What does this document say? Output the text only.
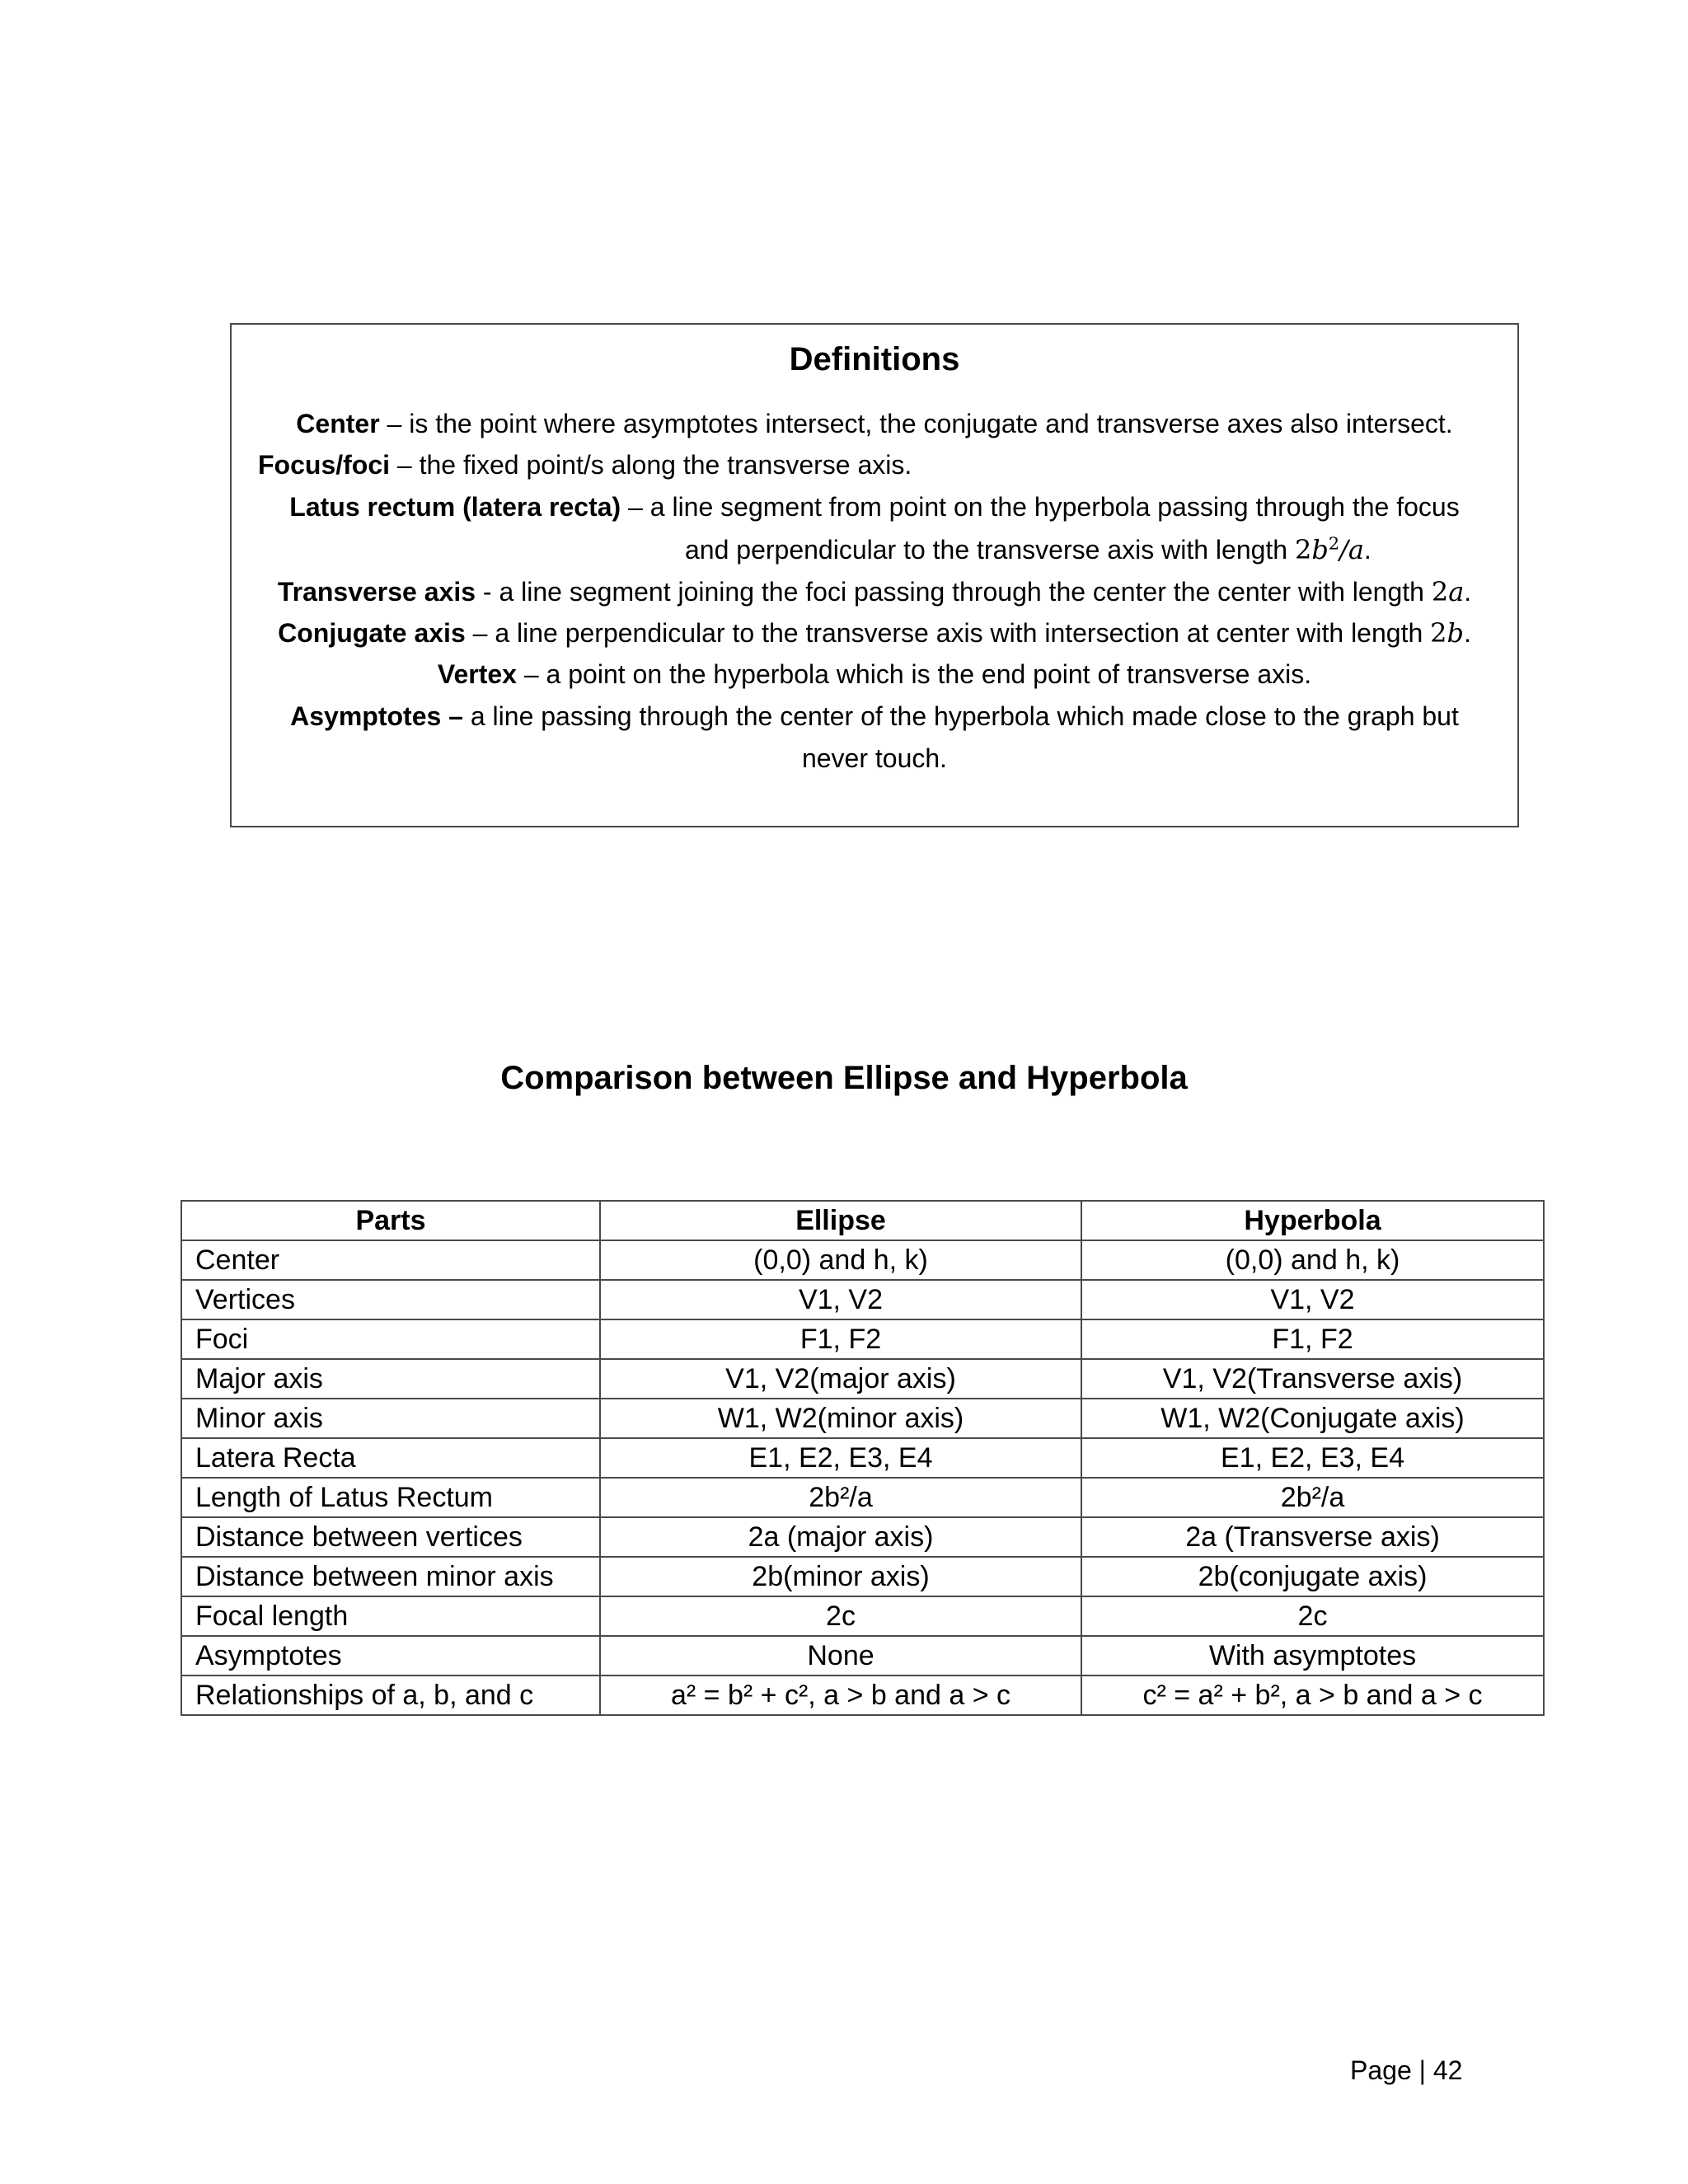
Definitions
Center – is the point where asymptotes intersect, the conjugate and transverse axes also intersect.
Focus/foci – the fixed point/s along the transverse axis.
Latus rectum (latera recta) – a line segment from point on the hyperbola passing through the focus
and perpendicular to the transverse axis with length $2b^2/a$.
Transverse axis - a line segment joining the foci passing through the center the center with length 2a.
Conjugate axis – a line perpendicular to the transverse axis with intersection at center with length 2b.
Vertex – a point on the hyperbola which is the end point of transverse axis.
Asymptotes – a line passing through the center of the hyperbola which made close to the graph but
never touch.
Comparison between Ellipse and Hyperbola
Parts	Ellipse	Hyperbola
Center	(0,0) and h, k)	(0,0) and h, k)
Vertices	V1, V2	V1, V2
Foci	F1, F2	F1, F2
Major axis	V1, V2(major axis)	V1, V2(Transverse axis)
Minor axis	W1, W2(minor axis)	W1, W2(Conjugate axis)
Latera Recta	E1, E2, E3, E4	E1, E2, E3, E4
Length of Latus Rectum	2b²/a	2b²/a
Distance between vertices	2a (major axis)	2a (Transverse axis)
Distance between minor axis	2b(minor axis)	2b(conjugate axis)
Focal length	2c	2c
Asymptotes	None	With asymptotes
Relationships of a, b, and c	a² = b² + c², a > b and a > c	c² = a² + b², a > b and a > c
Page | 42
